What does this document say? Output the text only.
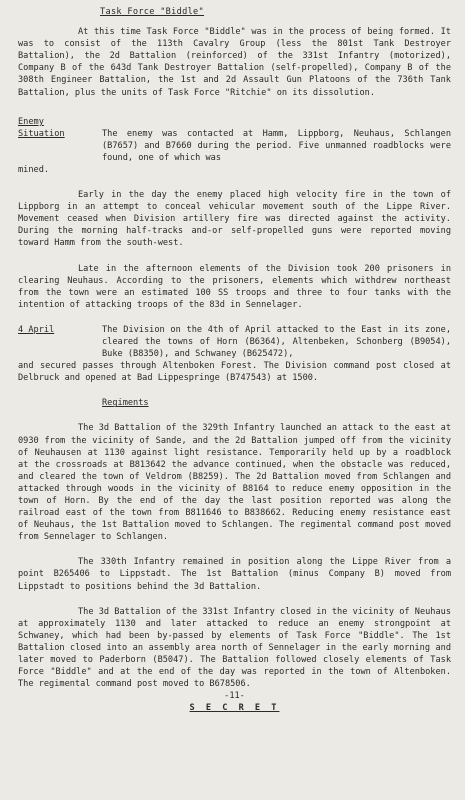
Task Force "Biddle"

At this time Task Force "Biddle" was in the process of being formed. It was to consist of the 113th Cavalry Group (less the 801st Tank Destroyer Battalion), the 2d Battalion (reinforced) of the 331st Infantry (motorized), Company B of the 643d Tank Destroyer Battalion (self-propelled), Company B of the 308th Engineer Battalion, the 1st and 2d Assault Gun Platoons of the 736th Tank Battalion, plus the units of Task Force "Ritchie" on its dissolution.

Enemy
Situation	The enemy was contacted at Hamm, Lippborg, Neuhaus, Schlangen (B7657) and B7660 during the period. Five unmanned roadblocks were found, one of which was

mined.

Early in the day the enemy placed high velocity fire in the town of Lippborg in an attempt to conceal vehicular movement south of the Lippe River. Movement ceased when Division artillery fire was directed against the activity. During the morning half-tracks and-or self-propelled guns were reported moving toward Hamm from the south-west.

Late in the afternoon elements of the Division took 200 prisoners in clearing Neuhaus. According to the prisoners, elements which withdrew northeast from the town were an estimated 100 SS troops and three to four tanks with the intention of attacking troops of the 83d in Sennelager.

4 April	The Division on the 4th of April attacked to the East in its zone, cleared the towns of Horn (B6364), Altenbeken, Schonberg (B9054), Buke (B8350), and Schwaney (B625472),

and secured passes through Altenboken Forest. The Division command post closed at Delbruck and opened at Bad Lippespringe (B747543) at 1500.

Regiments

The 3d Battalion of the 329th Infantry launched an attack to the east at 0930 from the vicinity of Sande, and the 2d Battalion jumped off from the vicinity of Neuhausen at 1130 against light resistance. Temporarily held up by a roadblock at the crossroads at B813642 the advance continued, when the obstacle was reduced, and cleared the town of Veldrom (B8259). The 2d Battalion moved from Schlangen and attacked through woods in the vicinity of B8164 to reduce enemy opposition in the town of Horn. By the end of the day the last position reported was along the railroad east of the town from B811646 to B838662. Reducing enemy resistance east of Neuhaus, the 1st Battalion moved to Schlangen. The regimental command post moved from Sennelager to Schlangen.

The 330th Infantry remained in position along the Lippe River from a point B265406 to Lippstadt. The 1st Battalion (minus Company B) moved from Lippstadt to positions behind the 3d Battalion.

The 3d Battalion of the 331st Infantry closed in the vicinity of Neuhaus at approximately 1130 and later attacked to reduce an enemy strongpoint at Schwaney, which had been by-passed by elements of Task Force "Biddle". The 1st Battalion closed into an assembly area north of Sennelager in the early morning and later moved to Paderborn (B5047). The Battalion followed closely elements of Task Force "Biddle" and at the end of the day was reported in the town of Altenboken. The regimental command post moved to B678506.

-11-
S E C R E T
